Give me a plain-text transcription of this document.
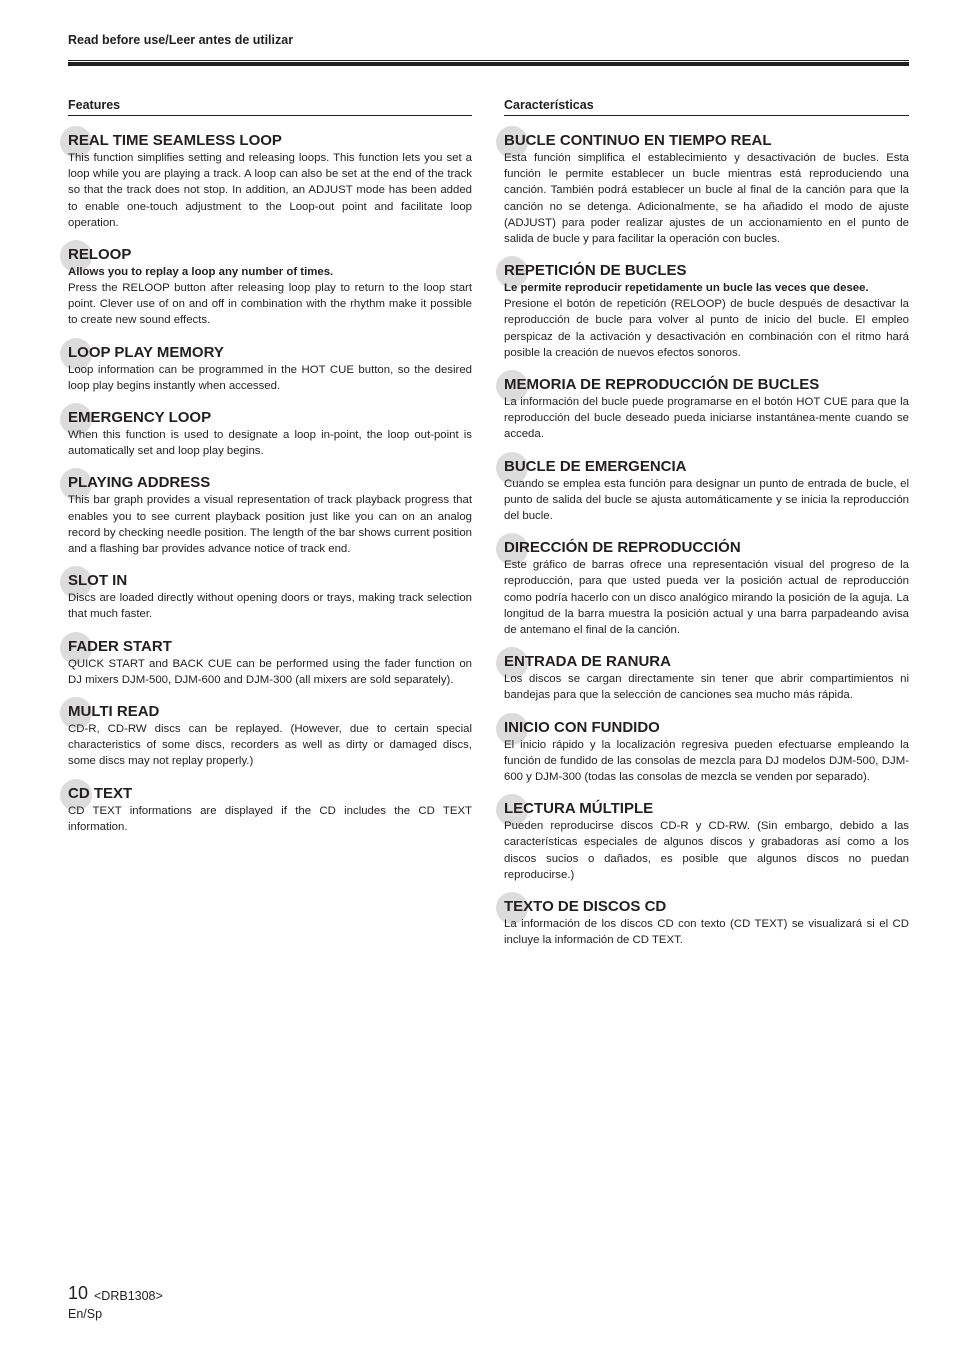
Read before use/Leer antes de utilizar
Features
REAL TIME SEAMLESS LOOP

This function simplifies setting and releasing loops. This function lets you set a loop while you are playing a track. A loop can also be set at the end of the track so that the track does not stop. In addition, an ADJUST mode has been added to enable one-touch adjustment to the Loop-out point and facilitate loop operation.

RELOOP
Allows you to replay a loop any number of times.

Press the RELOOP button after releasing loop play to return to the loop start point. Clever use of on and off in combination with the rhythm make it possible to create new sound effects.

LOOP PLAY MEMORY

Loop information can be programmed in the HOT CUE button, so the desired loop play begins instantly when accessed.

EMERGENCY LOOP

When this function is used to designate a loop in-point, the loop out-point is automatically set and loop play begins.

PLAYING ADDRESS

This bar graph provides a visual representation of track playback progress that enables you to see current playback position just like you can on an analog record by checking needle position. The length of the bar shows current position and a flashing bar provides advance notice of track end.

SLOT IN

Discs are loaded directly without opening doors or trays, making track selection that much faster.

FADER START

QUICK START and BACK CUE can be performed using the fader function on DJ mixers DJM-500, DJM-600 and DJM-300 (all mixers are sold separately).

MULTI READ

CD-R, CD-RW discs can be replayed. (However, due to certain special characteristics of some discs, recorders as well as dirty or damaged discs, some discs may not replay properly.)

CD TEXT

CD TEXT informations are displayed if the CD includes the CD TEXT information.

Características
BUCLE CONTINUO EN TIEMPO REAL

Esta función simplifica el establecimiento y desactivación de bucles. Esta función le permite establecer un bucle mientras está reproduciendo una canción. También podrá establecer un bucle al final de la canción para que la canción no se detenga. Adicionalmente, se ha añadido el modo de ajuste (ADJUST) para poder realizar ajustes de un accionamiento en el punto de salida de bucle y para facilitar la operación con bucles.

REPETICIÓN DE BUCLES
Le permite reproducir repetidamente un bucle las veces que desee.

Presione el botón de repetición (RELOOP) de bucle después de desactivar la reproducción de bucle para volver al punto de inicio del bucle. El empleo perspicaz de la activación y desactivación en combinación con el ritmo hará posible la creación de nuevos efectos sonoros.

MEMORIA DE REPRODUCCIÓN DE BUCLES

La información del bucle puede programarse en el botón HOT CUE para que la reproducción del bucle deseado pueda iniciarse instantánea-mente cuando se acceda.

BUCLE DE EMERGENCIA

Cuando se emplea esta función para designar un punto de entrada de bucle, el punto de salida del bucle se ajusta automáticamente y se inicia la reproducción del bucle.

DIRECCIÓN DE REPRODUCCIÓN

Este gráfico de barras ofrece una representación visual del progreso de la reproducción, para que usted pueda ver la posición actual de reproducción como podría hacerlo con un disco analógico mirando la posición de la aguja. La longitud de la barra muestra la posición actual y una barra parpadeando avisa de antemano el final de la canción.

ENTRADA DE RANURA

Los discos se cargan directamente sin tener que abrir compartimientos ni bandejas para que la selección de canciones sea mucho más rápida.

INICIO CON FUNDIDO

El inicio rápido y la localización regresiva pueden efectuarse empleando la función de fundido de las consolas de mezcla para DJ modelos DJM-500, DJM-600 y DJM-300 (todas las consolas de mezcla se venden por separado).

LECTURA MÚLTIPLE

Pueden reproducirse discos CD-R y CD-RW. (Sin embargo, debido a las características especiales de algunos discos y grabadoras así como a los discos sucios o dañados, es posible que algunos discos no puedan reproducirse.)

TEXTO DE DISCOS CD

La información de los discos CD con texto (CD TEXT) se visualizará si el CD incluye la información de CD TEXT.

10 <DRB1308>
En/Sp
